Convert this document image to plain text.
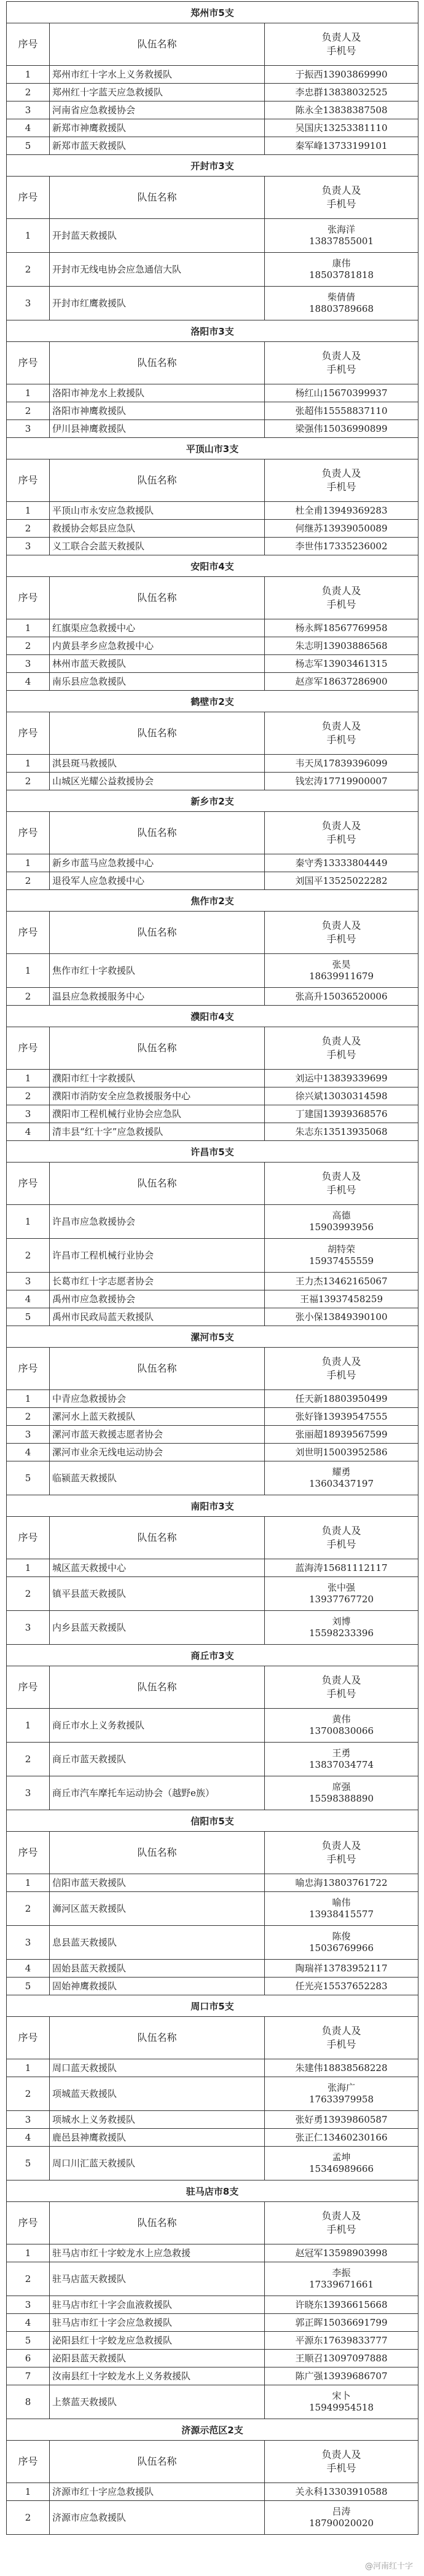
郑州市5支		
序号	队伍名称	负责人及
手机号

1	郑州市红十字水上义务救援队	于振西13903869990
2	郑州红十字蓝天应急救援队	李忠群13838032525
3	河南省应急救援协会	陈永全13838387508
4	新郑市神鹰救援队	吴国庆13253381110
5	新郑市蓝天救援队	秦军峰13733199101
开封市3支		
序号	队伍名称	负责人及
手机号

1	开封蓝天救援队	张海洋
13837855001
2	开封市无线电协会应急通信大队	康伟
18503781818
3	开封市红鹰救援队	柴倩倩
18803789668
洛阳市3支		
序号	队伍名称	负责人及
手机号

1	洛阳市神龙水上救援队	杨红山15670399937
2	洛阳市神鹰救援队	张超伟15558837110
3	伊川县神鹰救援队	梁强伟15036990899
平顶山市3支		
序号	队伍名称	负责人及
手机号

1	平顶山市永安应急救援队	杜全甫13949369283
2	救援协会郏县应急队	何继苏13939050089
3	义工联合会蓝天救援队	李世伟17335236002
安阳市4支		
序号	队伍名称	负责人及
手机号

1	红旗渠应急救援中心	杨永辉18567769958
2	内黄县孝乡应急救援中心	朱志明13903886568
3	林州市蓝天救援队	杨志军13903461315
4	南乐县应急救援队	赵彦军18637286900
鹤壁市2支		
序号	队伍名称	负责人及
手机号

1	淇县斑马救援队	韦天凤17839396099
2	山城区光耀公益救援协会	钱宏涛17719900007
新乡市2支		
序号	队伍名称	负责人及
手机号

1	新乡市蓝马应急救援中心	秦守秀13333804449
2	退役军人应急救援中心	刘国平13525022282
焦作市2支		
序号	队伍名称	负责人及
手机号

1	焦作市红十字救援队	张昊
18639911679
2	温县应急救援服务中心	张高升15036520006
濮阳市4支		
序号	队伍名称	负责人及
手机号

1	濮阳市红十字救援队	刘运中13839339699
2	濮阳市消防安全应急救援服务中心	徐兴斌13030314598
3	濮阳市工程机械行业协会应急队	丁建国13939368576
4	清丰县“红十字”应急救援队	朱志东13513935068
许昌市5支		
序号	队伍名称	负责人及
手机号

1	许昌市应急救援协会	高德
15903993956
2	许昌市工程机械行业协会	胡特荣
15937455559
3	长葛市红十字志愿者协会	王力杰13462165067
4	禹州市应急救援协会	王福13937458259
5	禹州市民政局蓝天救援队	张小保13849390100
漯河市5支		
序号	队伍名称	负责人及
手机号

1	中青应急救援协会	任天新18803950499
2	漯河水上蓝天救援队	张好锋13939547555
3	漯河市蓝天救援志愿者协会	张丽超18939567599
4	漯河市业余无线电运动协会	刘世明15003952586
5	临颍蓝天救援队	耀勇
13603437197
南阳市3支		
序号	队伍名称	负责人及
手机号

1	城区蓝天救援中心	蓝海涛15681112117
2	镇平县蓝天救援队	张中强
13937767720
3	内乡县蓝天救援队	刘博
15598233396
商丘市3支		
序号	队伍名称	负责人及
手机号

1	商丘市水上义务救援队	黄伟
13700830066
2	商丘市蓝天救援队	王勇
13837034774
3	商丘市汽车摩托车运动协会（越野e族）	席强
15598388890
信阳市5支		
序号	队伍名称	负责人及
手机号

1	信阳市蓝天救援队	喻忠海13803761722
2	浉河区蓝天救援队	喻伟
13938415577
3	息县蓝天救援队	陈俊
15036769966
4	固始县蓝天救援队	陶瑞祥13783952117
5	固始神鹰救援队	任光亮15537652283
周口市5支		
序号	队伍名称	负责人及
手机号

1	周口蓝天救援队	朱建伟18838568228
2	项城蓝天救援队	张海广
17633979958
3	项城水上义务救援队	张好勇13939860587
4	鹿邑县神鹰救援队	张正仁13460230166
5	周口川汇蓝天救援队	孟坤
15346989666
驻马店市8支		
序号	队伍名称	负责人及
手机号

1	驻马店市红十字蛟龙水上应急救援	赵冠军13598903998
2	驻马店蓝天救援队	李振
17339671661
3	驻马店市红十字会血液救援队	许晓东13936615668
4	驻马店市红十字会应急救援队	郭正晖15036691799
5	泌阳县红十字蛟龙应急救援队	平源东17639833777
6	泌阳县蓝天救援队	王顺召13097097888
7	汝南县红十字蛟龙水上义务救援队	陈广强13939686707
8	上蔡蓝天救援队	宋卜
15949954518
济源示范区2支		
序号	队伍名称	负责人及
手机号

1	济源市红十字应急救援队	关永科13303910588
2	济源市应急救援队	吕涛
18790020020
@河南红十字
